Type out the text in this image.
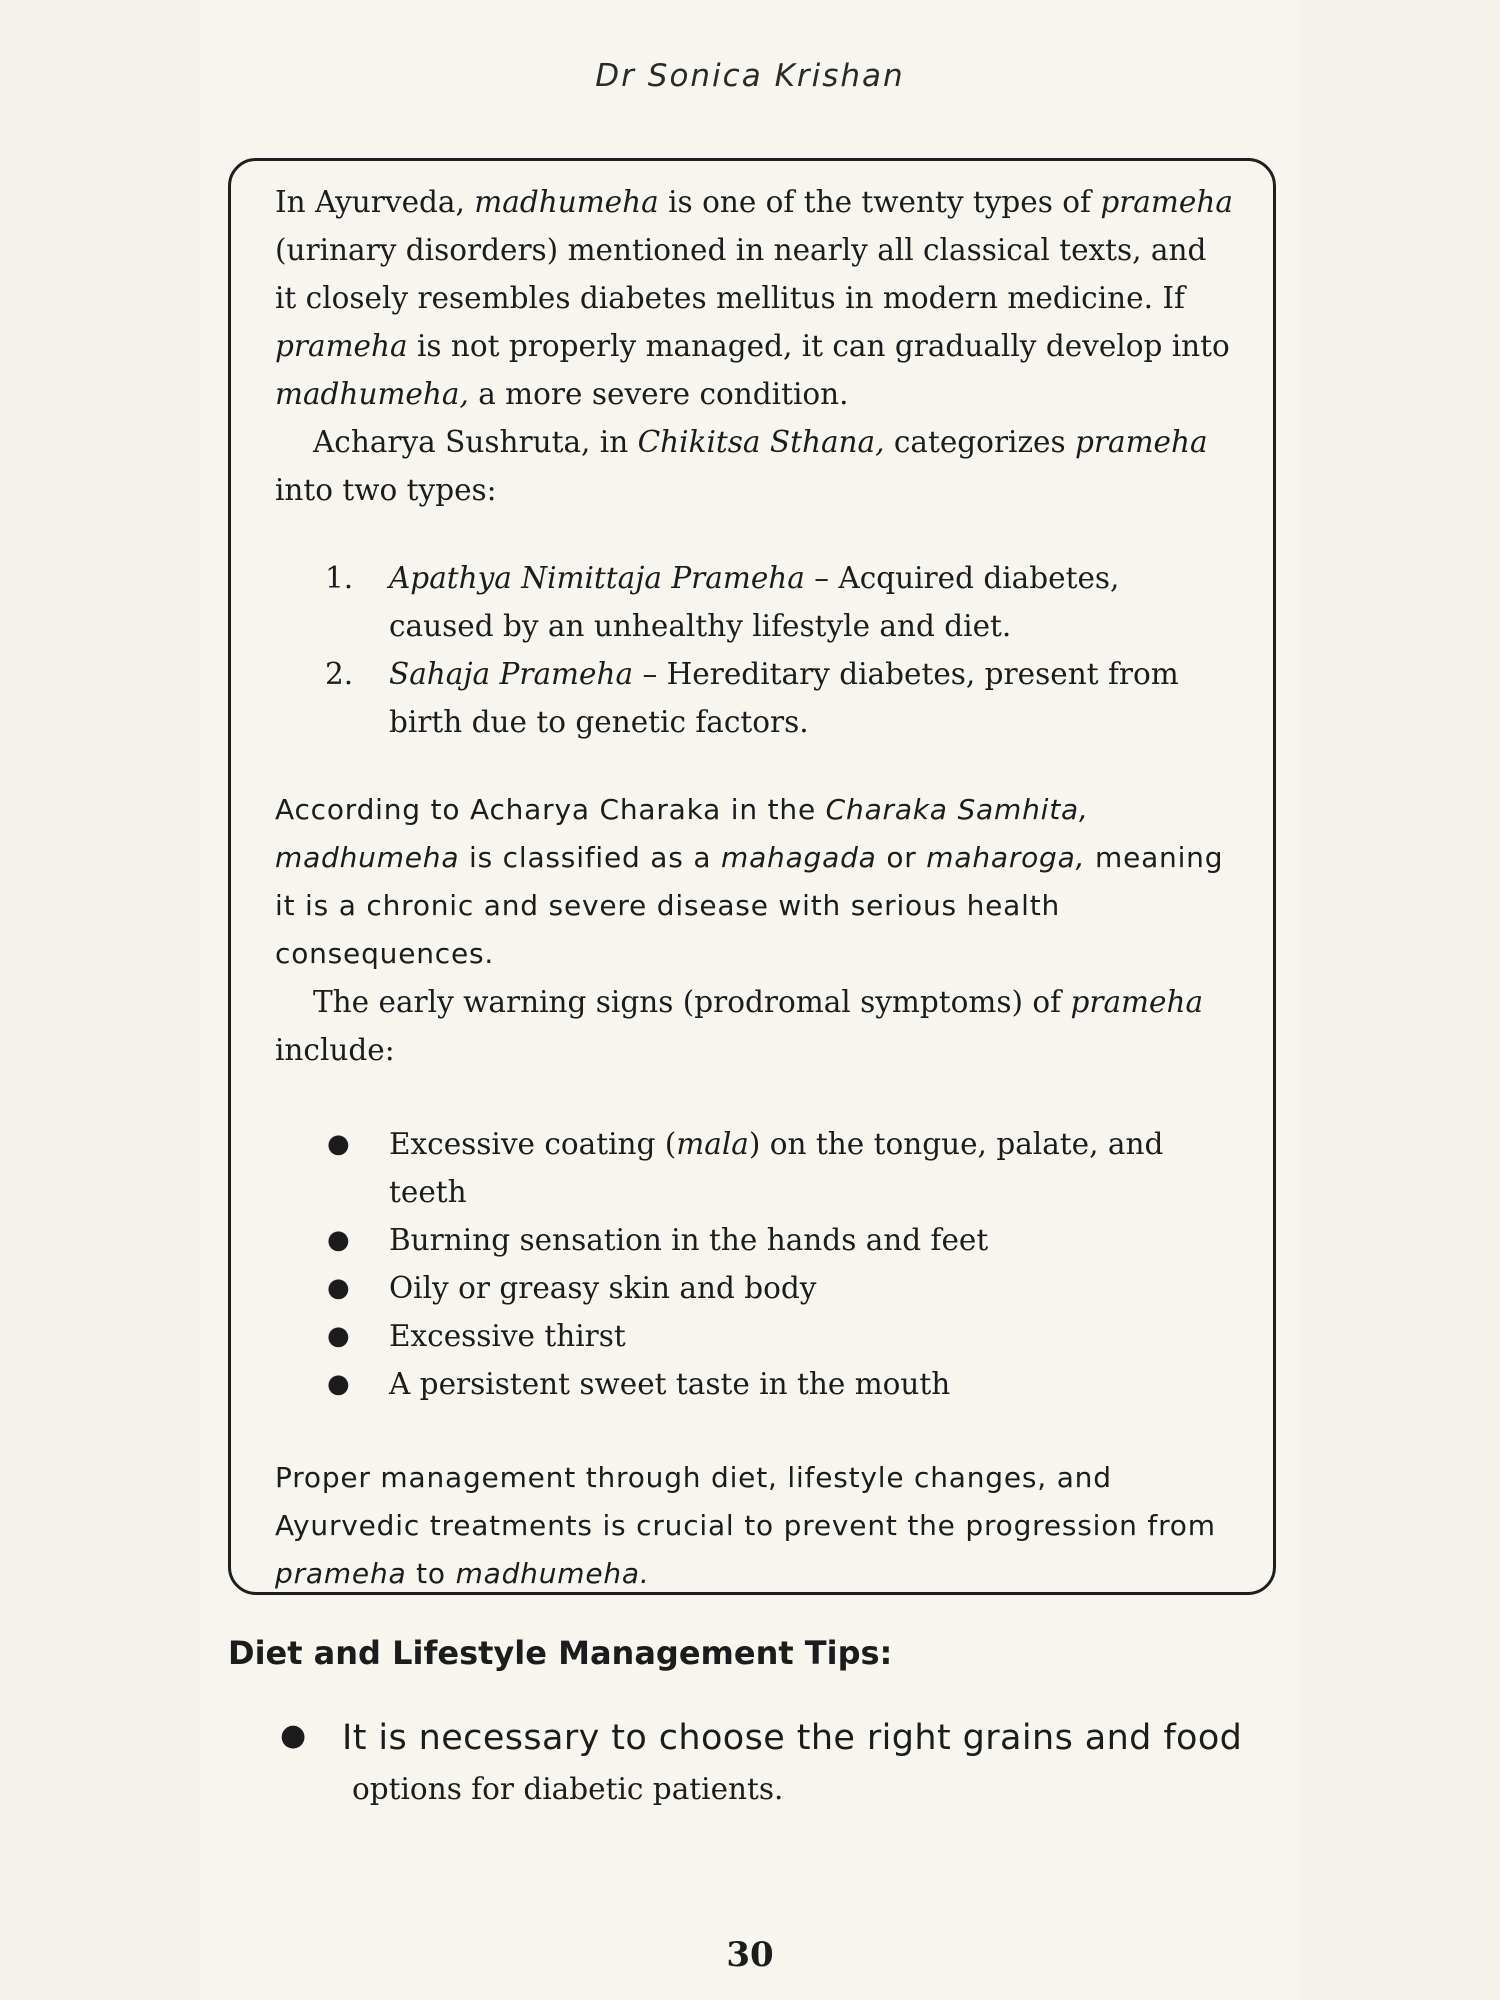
Dr Sonica Krishan

In Ayurveda, madhumeha is one of the twenty types of prameha (urinary disorders) mentioned in nearly all classical texts, and it closely resembles diabetes mellitus in modern medicine. If prameha is not properly managed, it can gradually develop into madhumeha, a more severe condition.

Acharya Sushruta, in Chikitsa Sthana, categorizes prameha into two types:

1. Apathya Nimittaja Prameha – Acquired diabetes, caused by an unhealthy lifestyle and diet.
2. Sahaja Prameha – Hereditary diabetes, present from birth due to genetic factors.

According to Acharya Charaka in the Charaka Samhita, madhumeha is classified as a mahagada or maharoga, meaning it is a chronic and severe disease with serious health consequences.

The early warning signs (prodromal symptoms) of prameha include:

● Excessive coating (mala) on the tongue, palate, and teeth
● Burning sensation in the hands and feet
● Oily or greasy skin and body
● Excessive thirst
● A persistent sweet taste in the mouth

Proper management through diet, lifestyle changes, and Ayurvedic treatments is crucial to prevent the progression from prameha to madhumeha.

Diet and Lifestyle Management Tips:
● It is necessary to choose the right grains and food
options for diabetic patients.
30
